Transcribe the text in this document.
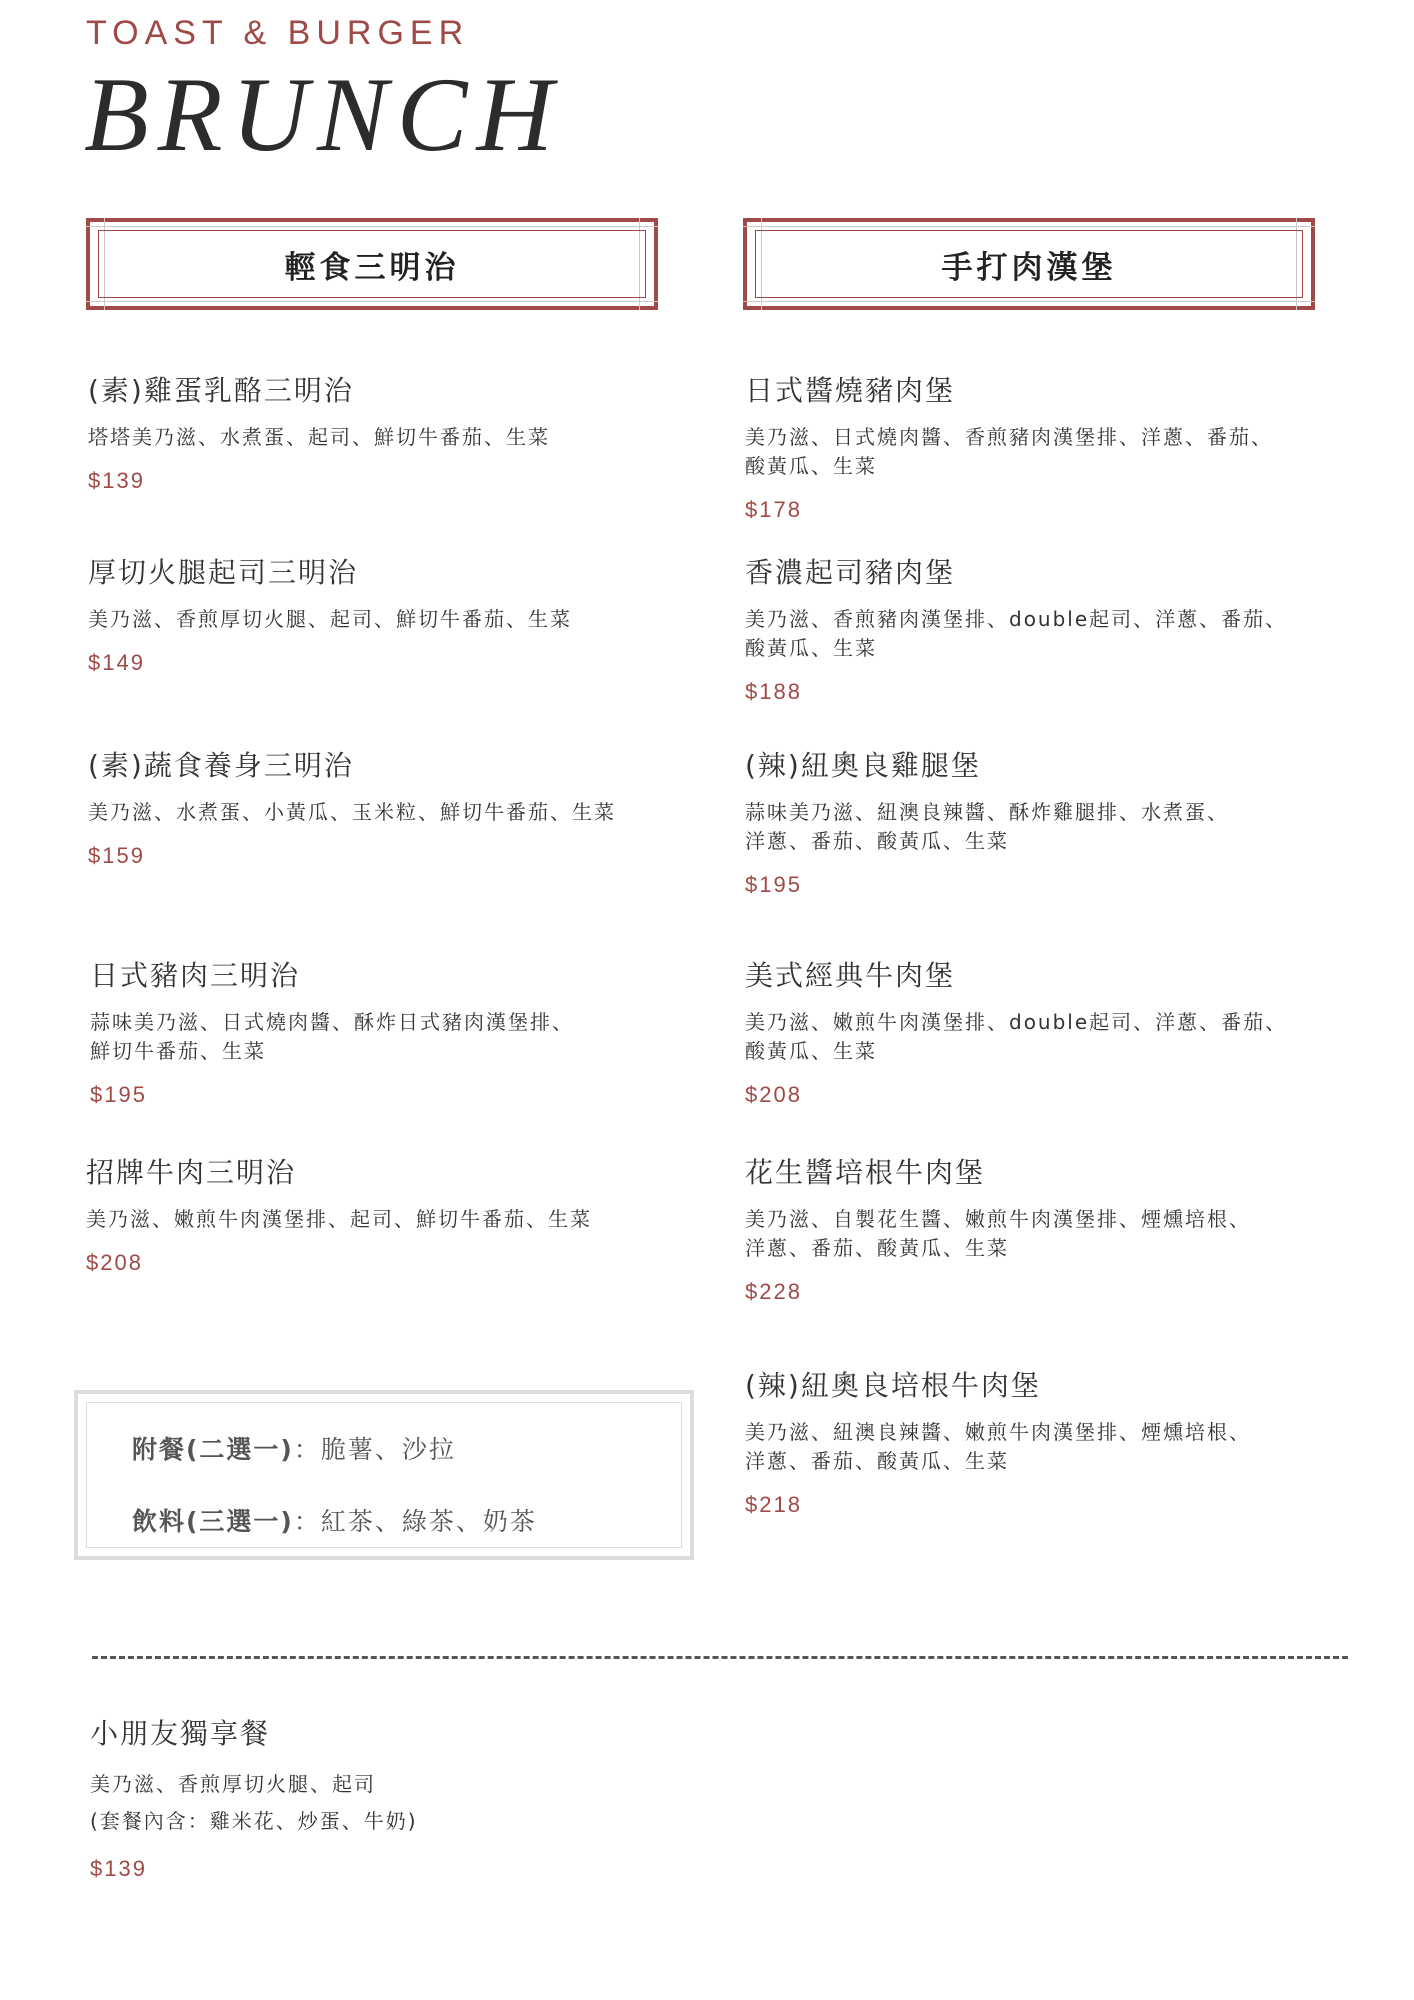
TOAST & BURGER
BRUNCH
輕食三明治	手打肉漢堡
(素)雞蛋乳酪三明治
塔塔美乃滋、水煮蛋、起司、鮮切牛番茄、生菜
$139
厚切火腿起司三明治
美乃滋、香煎厚切火腿、起司、鮮切牛番茄、生菜
$149
(素)蔬食養身三明治
美乃滋、水煮蛋、小黃瓜、玉米粒、鮮切牛番茄、生菜
$159
日式豬肉三明治
蒜味美乃滋、日式燒肉醬、酥炸日式豬肉漢堡排、
鮮切牛番茄、生菜
$195
招牌牛肉三明治
美乃滋、嫩煎牛肉漢堡排、起司、鮮切牛番茄、生菜
$208
日式醬燒豬肉堡
美乃滋、日式燒肉醬、香煎豬肉漢堡排、洋蔥、番茄、
酸黃瓜、生菜
$178
香濃起司豬肉堡
美乃滋、香煎豬肉漢堡排、double起司、洋蔥、番茄、
酸黃瓜、生菜
$188
(辣)紐奧良雞腿堡
蒜味美乃滋、紐澳良辣醬、酥炸雞腿排、水煮蛋、
洋蔥、番茄、酸黃瓜、生菜
$195
美式經典牛肉堡
美乃滋、嫩煎牛肉漢堡排、double起司、洋蔥、番茄、
酸黃瓜、生菜
$208
花生醬培根牛肉堡
美乃滋、自製花生醬、嫩煎牛肉漢堡排、煙燻培根、
洋蔥、番茄、酸黃瓜、生菜
$228
(辣)紐奧良培根牛肉堡
美乃滋、紐澳良辣醬、嫩煎牛肉漢堡排、煙燻培根、
洋蔥、番茄、酸黃瓜、生菜
$218
附餐(二選一)：脆薯、沙拉
飲料(三選一)：紅茶、綠茶、奶茶
小朋友獨享餐
美乃滋、香煎厚切火腿、起司
(套餐內含：雞米花、炒蛋、牛奶)
$139
